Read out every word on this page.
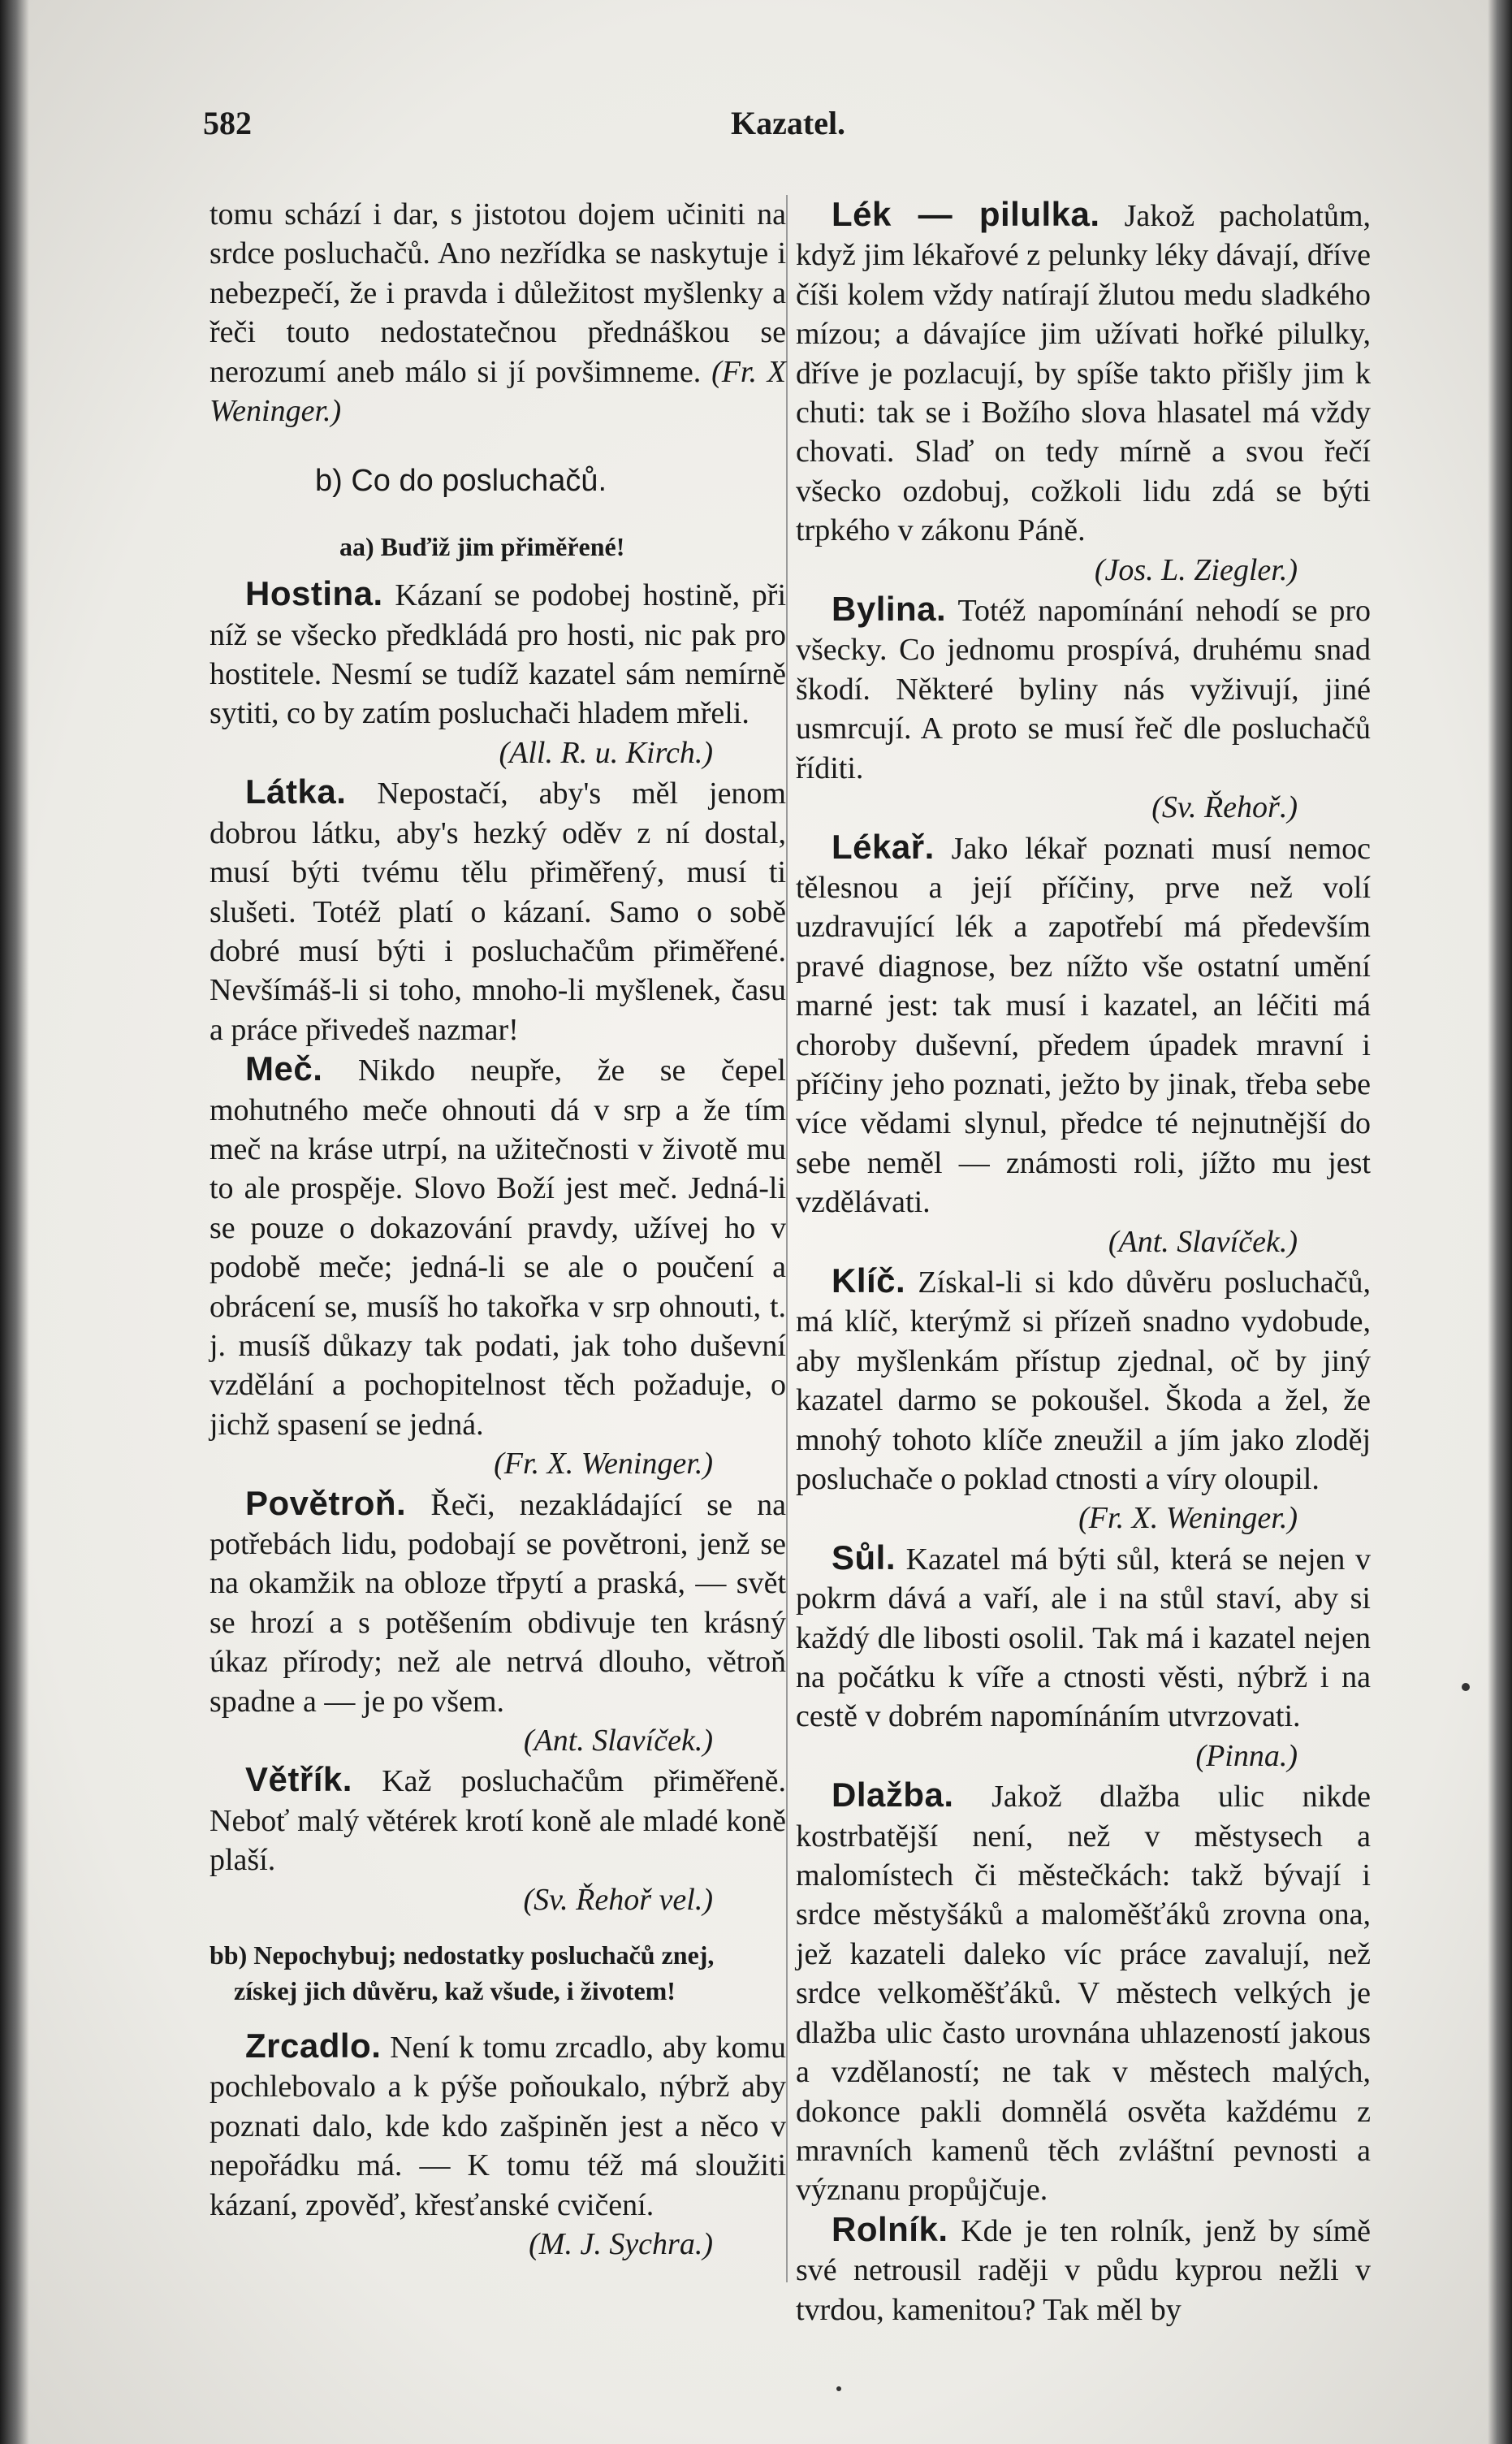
582	Kazatel.

tomu schází i dar, s jistotou dojem učiniti na srdce posluchačů. Ano nezřídka se naskytuje i nebezpečí, že i pravda i důležitost myšlenky a řeči touto nedostatečnou přednáškou se nerozumí aneb málo si jí povšimneme. (Fr. X Weninger.)

b) Co do posluchačů.
aa) Buďiž jim přiměřené!

Hostina. Kázaní se podobej hostině, při níž se všecko předkládá pro hosti, nic pak pro hostitele. Nesmí se tudíž kazatel sám nemírně sytiti, co by zatím posluchači hladem mřeli.
(All. R. u. Kirch.)

Látka. Nepostačí, aby's měl jenom dobrou látku, aby's hezký oděv z ní dostal, musí býti tvému tělu přiměřený, musí ti slušeti. Totéž platí o kázaní. Samo o sobě dobré musí býti i posluchačům přiměřené. Nevšímáš-li si toho, mnoho-li myšlenek, času a práce přivedeš nazmar!

Meč. Nikdo neupře, že se čepel mohutného meče ohnouti dá v srp a že tím meč na kráse utrpí, na užitečnosti v životě mu to ale prospěje. Slovo Boží jest meč. Jedná-li se pouze o dokazování pravdy, užívej ho v podobě meče; jedná-li se ale o poučení a obrácení se, musíš ho takořka v srp ohnouti, t. j. musíš důkazy tak podati, jak toho duševní vzdělání a pochopitelnost těch požaduje, o jichž spasení se jedná.
(Fr. X. Weninger.)

Povětroň. Řeči, nezakládající se na potřebách lidu, podobají se povětroni, jenž se na okamžik na obloze třpytí a praská, — svět se hrozí a s potěšením obdivuje ten krásný úkaz přírody; než ale netrvá dlouho, větroň spadne a — je po všem.
(Ant. Slavíček.)

Větřík. Kaž posluchačům přiměřeně. Neboť malý větérek krotí koně ale mladé koně plaší.
(Sv. Řehoř vel.)

bb) Nepochybuj; nedostatky posluchačů znej,
získej jich důvěru, kaž všude, i životem!

Zrcadlo. Není k tomu zrcadlo, aby komu pochlebovalo a k pýše poňoukalo, nýbrž aby poznati dalo, kde kdo zašpiněn jest a něco v nepořádku má. — K tomu též má sloužiti kázaní, zpověď, křesťanské cvičení.
(M. J. Sychra.)

Lék — pilulka. Jakož pacholatům, když jim lékařové z pelunky léky dávají, dříve číši kolem vždy natírají žlutou medu sladkého mízou; a dávajíce jim užívati hořké pilulky, dříve je pozlacují, by spíše takto přišly jim k chuti: tak se i Božího slova hlasatel má vždy chovati. Slaď on tedy mírně a svou řečí všecko ozdobuj, cožkoli lidu zdá se býti trpkého v zákonu Páně.
(Jos. L. Ziegler.)

Bylina. Totéž napomínání nehodí se pro všecky. Co jednomu prospívá, druhému snad škodí. Některé byliny nás vyživují, jiné usmrcují. A proto se musí řeč dle posluchačů říditi.
(Sv. Řehoř.)

Lékař. Jako lékař poznati musí nemoc tělesnou a její příčiny, prve než volí uzdravující lék a zapotřebí má především pravé diagnose, bez nížto vše ostatní umění marné jest: tak musí i kazatel, an léčiti má choroby duševní, předem úpadek mravní i příčiny jeho poznati, ježto by jinak, třeba sebe více vědami slynul, předce té nejnutnější do sebe neměl — známosti roli, jížto mu jest vzdělávati.
(Ant. Slavíček.)

Klíč. Získal-li si kdo důvěru posluchačů, má klíč, kterýmž si přízeň snadno vydobude, aby myšlenkám přístup zjednal, oč by jiný kazatel darmo se pokoušel. Škoda a žel, že mnohý tohoto klíče zneužil a jím jako zloděj posluchače o poklad ctnosti a víry oloupil.
(Fr. X. Weninger.)

Sůl. Kazatel má býti sůl, která se nejen v pokrm dává a vaří, ale i na stůl staví, aby si každý dle libosti osolil. Tak má i kazatel nejen na počátku k víře a ctnosti věsti, nýbrž i na cestě v dobrém napomínáním utvrzovati.
(Pinna.)

Dlažba. Jakož dlažba ulic nikde kostrbatější není, než v městysech a malomístech či městečkách: takž bývají i srdce městyšáků a maloměšťáků zrovna ona, jež kazateli daleko víc práce zavalují, než srdce velkoměšťáků. V městech velkých je dlažba ulic často urovnána uhlazeností jakous a vzdělaností; ne tak v městech malých, dokonce pakli domnělá osvěta každému z mravních kamenů těch zvláštní pevnosti a význanu propůjčuje.

Rolník. Kde je ten rolník, jenž by símě své netrousil raději v půdu kyprou nežli v tvrdou, kamenitou? Tak měl by
